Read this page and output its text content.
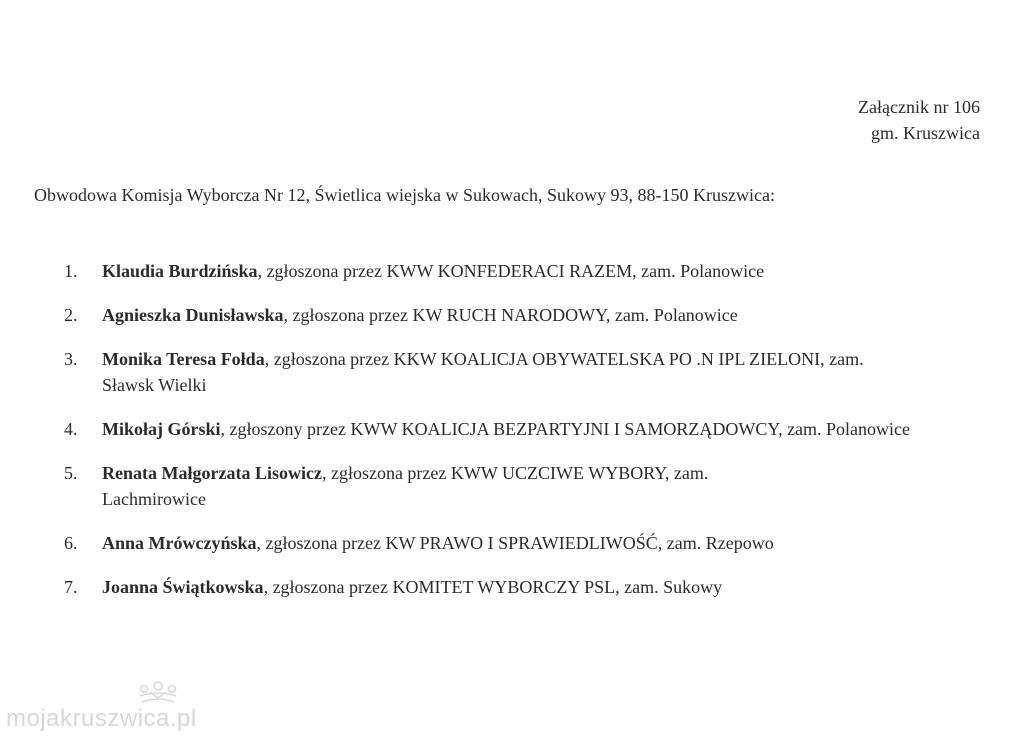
Załącznik nr 106
gm. Kruszwica
Obwodowa Komisja Wyborcza Nr 12, Świetlica wiejska w Sukowach, Sukowy 93, 88-150 Kruszwica:
1.	Klaudia Burdzińska, zgłoszona przez KWW KONFEDERACI RAZEM, zam. Polanowice
2.	Agnieszka Dunisławska, zgłoszona przez KW RUCH NARODOWY, zam. Polanowice
3.	Monika Teresa Fołda, zgłoszona przez KKW KOALICJA OBYWATELSKA PO .N IPL ZIELONI, zam. Sławsk Wielki
4.	Mikołaj Górski, zgłoszony przez KWW KOALICJA BEZPARTYJNI I SAMORZĄDOWCY, zam. Polanowice
5.	Renata Małgorzata Lisowicz, zgłoszona przez KWW UCZCIWE WYBORY, zam. Lachmirowice
6.	Anna Mrówczyńska, zgłoszona przez KW PRAWO I SPRAWIEDLIWOŚĆ, zam. Rzepowo
7.	Joanna Świątkowska, zgłoszona przez KOMITET WYBORCZY PSL, zam. Sukowy
mojakruszwica.pl
